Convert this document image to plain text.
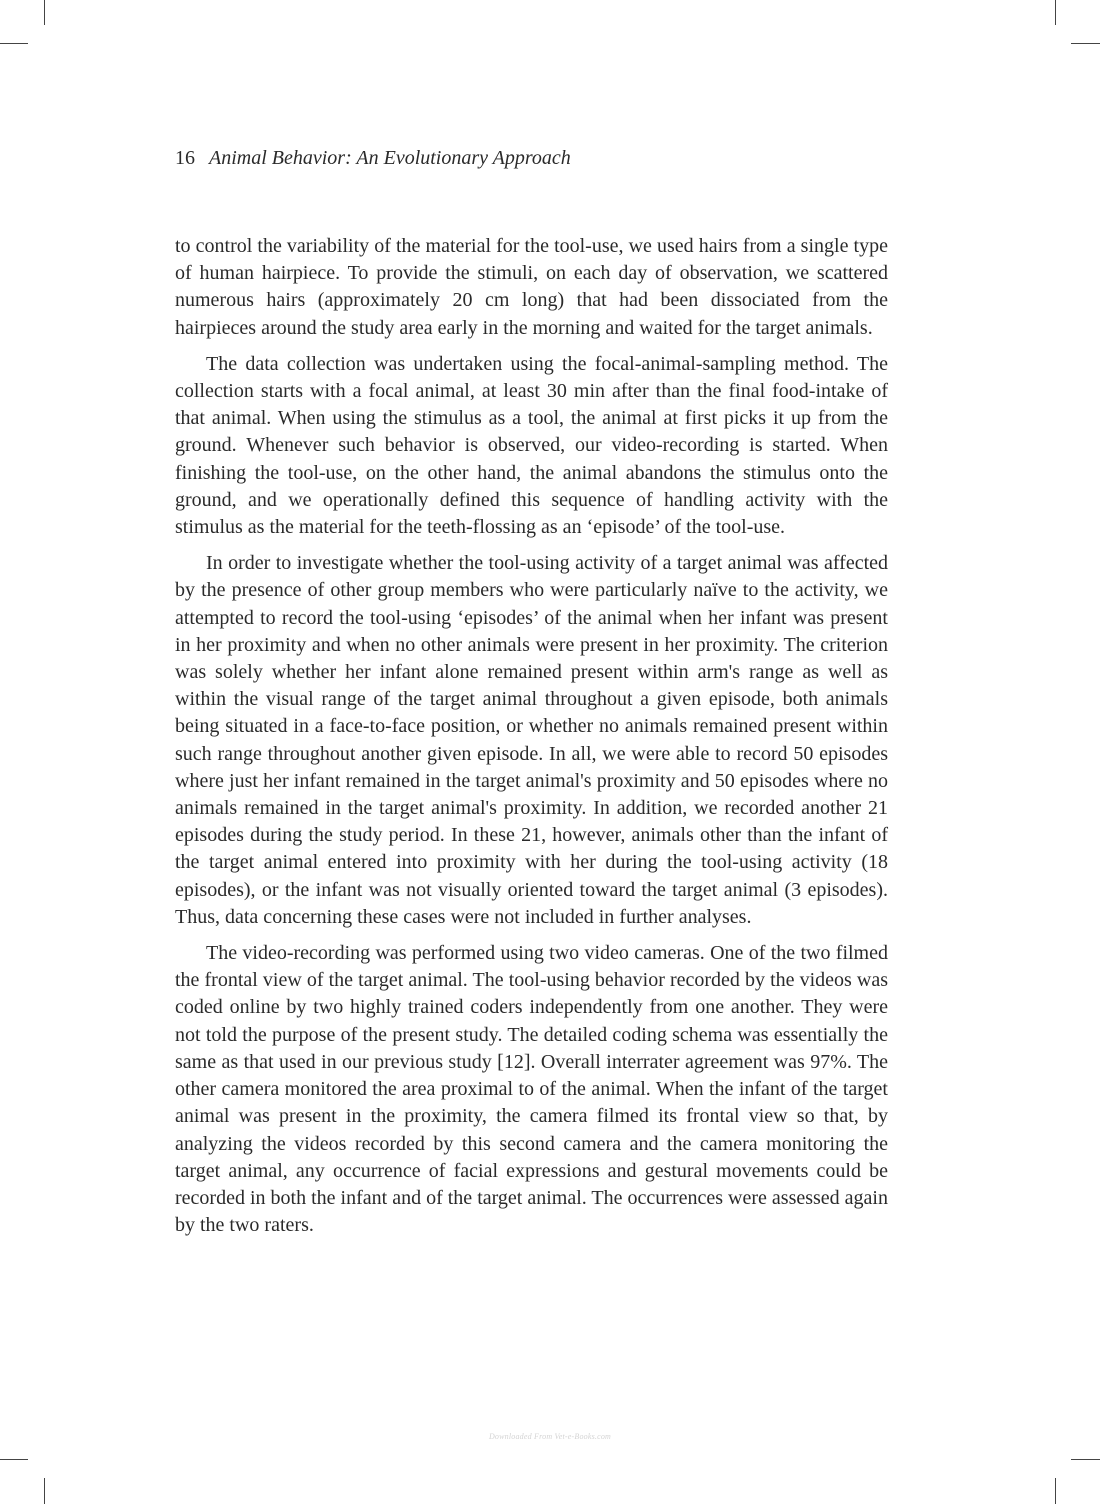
16 Animal Behavior: An Evolutionary Approach

to control the variability of the material for the tool-use, we used hairs from a single type of human hairpiece. To provide the stimuli, on each day of observation, we scattered numerous hairs (approximately 20 cm long) that had been dissociated from the hairpieces around the study area early in the morning and waited for the target animals.

The data collection was undertaken using the focal-animal-sampling method. The collection starts with a focal animal, at least 30 min after than the final food-intake of that animal. When using the stimulus as a tool, the animal at first picks it up from the ground. Whenever such behavior is observed, our video-recording is started. When finishing the tool-use, on the other hand, the animal abandons the stimulus onto the ground, and we operationally defined this sequence of handling activity with the stimulus as the material for the teeth-flossing as an ‘episode’ of the tool-use.

In order to investigate whether the tool-using activity of a target animal was affected by the presence of other group members who were particularly naïve to the activity, we attempted to record the tool-using ‘episodes’ of the animal when her infant was present in her proximity and when no other animals were present in her proximity. The criterion was solely whether her infant alone remained present within arm's range as well as within the visual range of the target animal throughout a given episode, both animals being situated in a face-to-face position, or whether no animals remained present within such range throughout another given episode. In all, we were able to record 50 episodes where just her infant remained in the target animal's proximity and 50 episodes where no animals remained in the target animal's proximity. In addition, we recorded another 21 episodes during the study period. In these 21, however, animals other than the infant of the target animal entered into proximity with her during the tool-using activity (18 episodes), or the infant was not visually oriented toward the target animal (3 episodes). Thus, data concerning these cases were not included in further analyses.

The video-recording was performed using two video cameras. One of the two filmed the frontal view of the target animal. The tool-using behavior recorded by the videos was coded online by two highly trained coders independently from one another. They were not told the purpose of the present study. The detailed coding schema was essentially the same as that used in our previous study [12]. Overall interrater agreement was 97%. The other camera monitored the area proximal to of the animal. When the infant of the target animal was present in the proximity, the camera filmed its frontal view so that, by analyzing the videos recorded by this second camera and the camera monitoring the target animal, any occurrence of facial expressions and gestural movements could be recorded in both the infant and of the target animal. The occurrences were assessed again by the two raters.

Downloaded From Vet-e-Books.com
